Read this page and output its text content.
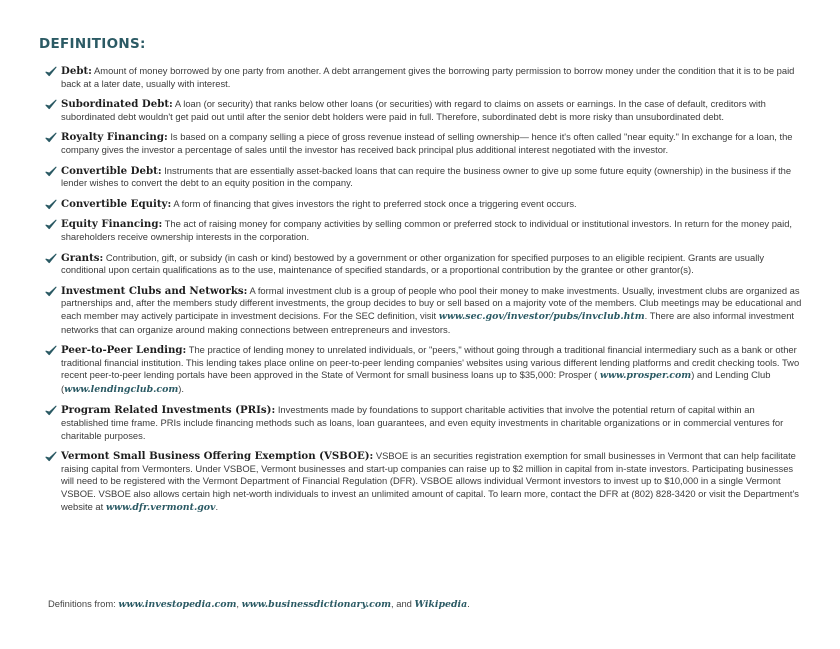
DEFINITIONS:
Debt: Amount of money borrowed by one party from another. A debt arrangement gives the borrowing party permission to borrow money under the condition that it is to be paid back at a later date, usually with interest.
Subordinated Debt: A loan (or security) that ranks below other loans (or securities) with regard to claims on assets or earnings. In the case of default, creditors with subordinated debt wouldn't get paid out until after the senior debt holders were paid in full. Therefore, subordinated debt is more risky than unsubordinated debt.
Royalty Financing: Is based on a company selling a piece of gross revenue instead of selling ownership— hence it's often called "near equity." In exchange for a loan, the company gives the investor a percentage of sales until the investor has received back principal plus additional interest negotiated with the investor.
Convertible Debt: Instruments that are essentially asset-backed loans that can require the business owner to give up some future equity (ownership) in the business if the lender wishes to convert the debt to an equity position in the company.
Convertible Equity: A form of financing that gives investors the right to preferred stock once a triggering event occurs.
Equity Financing: The act of raising money for company activities by selling common or preferred stock to individual or institutional investors. In return for the money paid, shareholders receive ownership interests in the corporation.
Grants: Contribution, gift, or subsidy (in cash or kind) bestowed by a government or other organization for specified purposes to an eligible recipient. Grants are usually conditional upon certain qualifications as to the use, maintenance of specified standards, or a proportional contribution by the grantee or other grantor(s).
Investment Clubs and Networks: A formal investment club is a group of people who pool their money to make investments. Usually, investment clubs are organized as partnerships and, after the members study different investments, the group decides to buy or sell based on a majority vote of the members. Club meetings may be educational and each member may actively participate in investment decisions. For the SEC definition, visit www.sec.gov/investor/pubs/invclub.htm. There are also informal investment networks that can organize around making connections between entrepreneurs and investors.
Peer-to-Peer Lending: The practice of lending money to unrelated individuals, or "peers," without going through a traditional financial intermediary such as a bank or other traditional financial institution. This lending takes place online on peer-to-peer lending companies' websites using various different lending platforms and credit checking tools. Two recent peer-to-peer lending portals have been approved in the State of Vermont for small business loans up to $35,000: Prosper ( www.prosper.com) and Lending Club (www.lendingclub.com).
Program Related Investments (PRIs): Investments made by foundations to support charitable activities that involve the potential return of capital within an established time frame. PRIs include financing methods such as loans, loan guarantees, and even equity investments in charitable organizations or in commercial ventures for charitable purposes.
Vermont Small Business Offering Exemption (VSBOE): VSBOE is an securities registration exemption for small businesses in Vermont that can help facilitate raising capital from Vermonters. Under VSBOE, Vermont businesses and start-up companies can raise up to $2 million in capital from in-state investors. Participating businesses will need to be registered with the Vermont Department of Financial Regulation (DFR). VSBOE allows individual Vermont investors to invest up to $10,000 in a single Vermont VSBOE. VSBOE also allows certain high net-worth individuals to invest an unlimited amount of capital. To learn more, contact the DFR at (802) 828-3420 or visit the Department's website at www.dfr.vermont.gov.
Definitions from: www.investopedia.com, www.businessdictionary.com, and Wikipedia.
